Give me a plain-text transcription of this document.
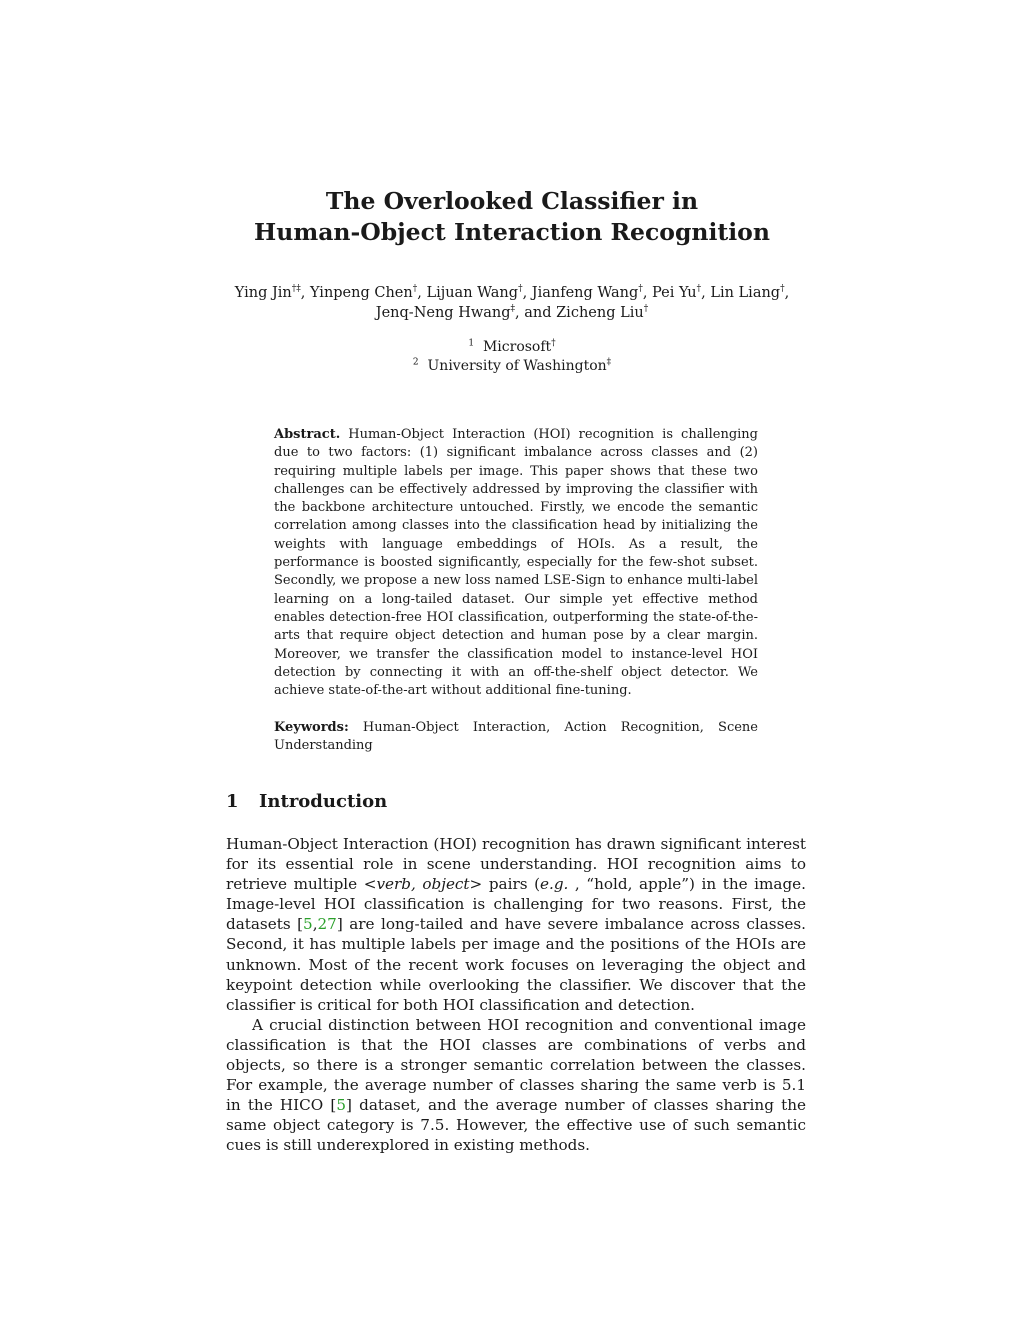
The Overlooked Classifier in
Human-Object Interaction Recognition
Ying Jin†‡, Yinpeng Chen†, Lijuan Wang†, Jianfeng Wang†, Pei Yu†, Lin Liang†,
Jenq-Neng Hwang‡, and Zicheng Liu†
$^1$ Microsoft†
$^2$ University of Washington‡
Abstract. Human-Object Interaction (HOI) recognition is challenging due to two factors: (1) significant imbalance across classes and (2) requiring multiple labels per image. This paper shows that these two challenges can be effectively addressed by improving the classifier with the backbone architecture untouched. Firstly, we encode the semantic correlation among classes into the classification head by initializing the weights with language embeddings of HOIs. As a result, the performance is boosted significantly, especially for the few-shot subset. Secondly, we propose a new loss named LSE-Sign to enhance multi-label learning on a long-tailed dataset. Our simple yet effective method enables detection-free HOI classification, outperforming the state-of-the-arts that require object detection and human pose by a clear margin. Moreover, we transfer the classification model to instance-level HOI detection by connecting it with an off-the-shelf object detector. We achieve state-of-the-art without additional fine-tuning.
Keywords: Human-Object Interaction, Action Recognition, Scene Understanding
1 Introduction

Human-Object Interaction (HOI) recognition has drawn significant interest for its essential role in scene understanding. HOI recognition aims to retrieve multiple <verb, object> pairs (e.g. , “hold, apple”) in the image. Image-level HOI classification is challenging for two reasons. First, the datasets [5,27] are long-tailed and have severe imbalance across classes. Second, it has multiple labels per image and the positions of the HOIs are unknown. Most of the recent work focuses on leveraging the object and keypoint detection while overlooking the classifier. We discover that the classifier is critical for both HOI classification and detection.

A crucial distinction between HOI recognition and conventional image classification is that the HOI classes are combinations of verbs and objects, so there is a stronger semantic correlation between the classes. For example, the average number of classes sharing the same verb is 5.1 in the HICO [5] dataset, and the average number of classes sharing the same object category is 7.5. However, the effective use of such semantic cues is still underexplored in existing methods.
